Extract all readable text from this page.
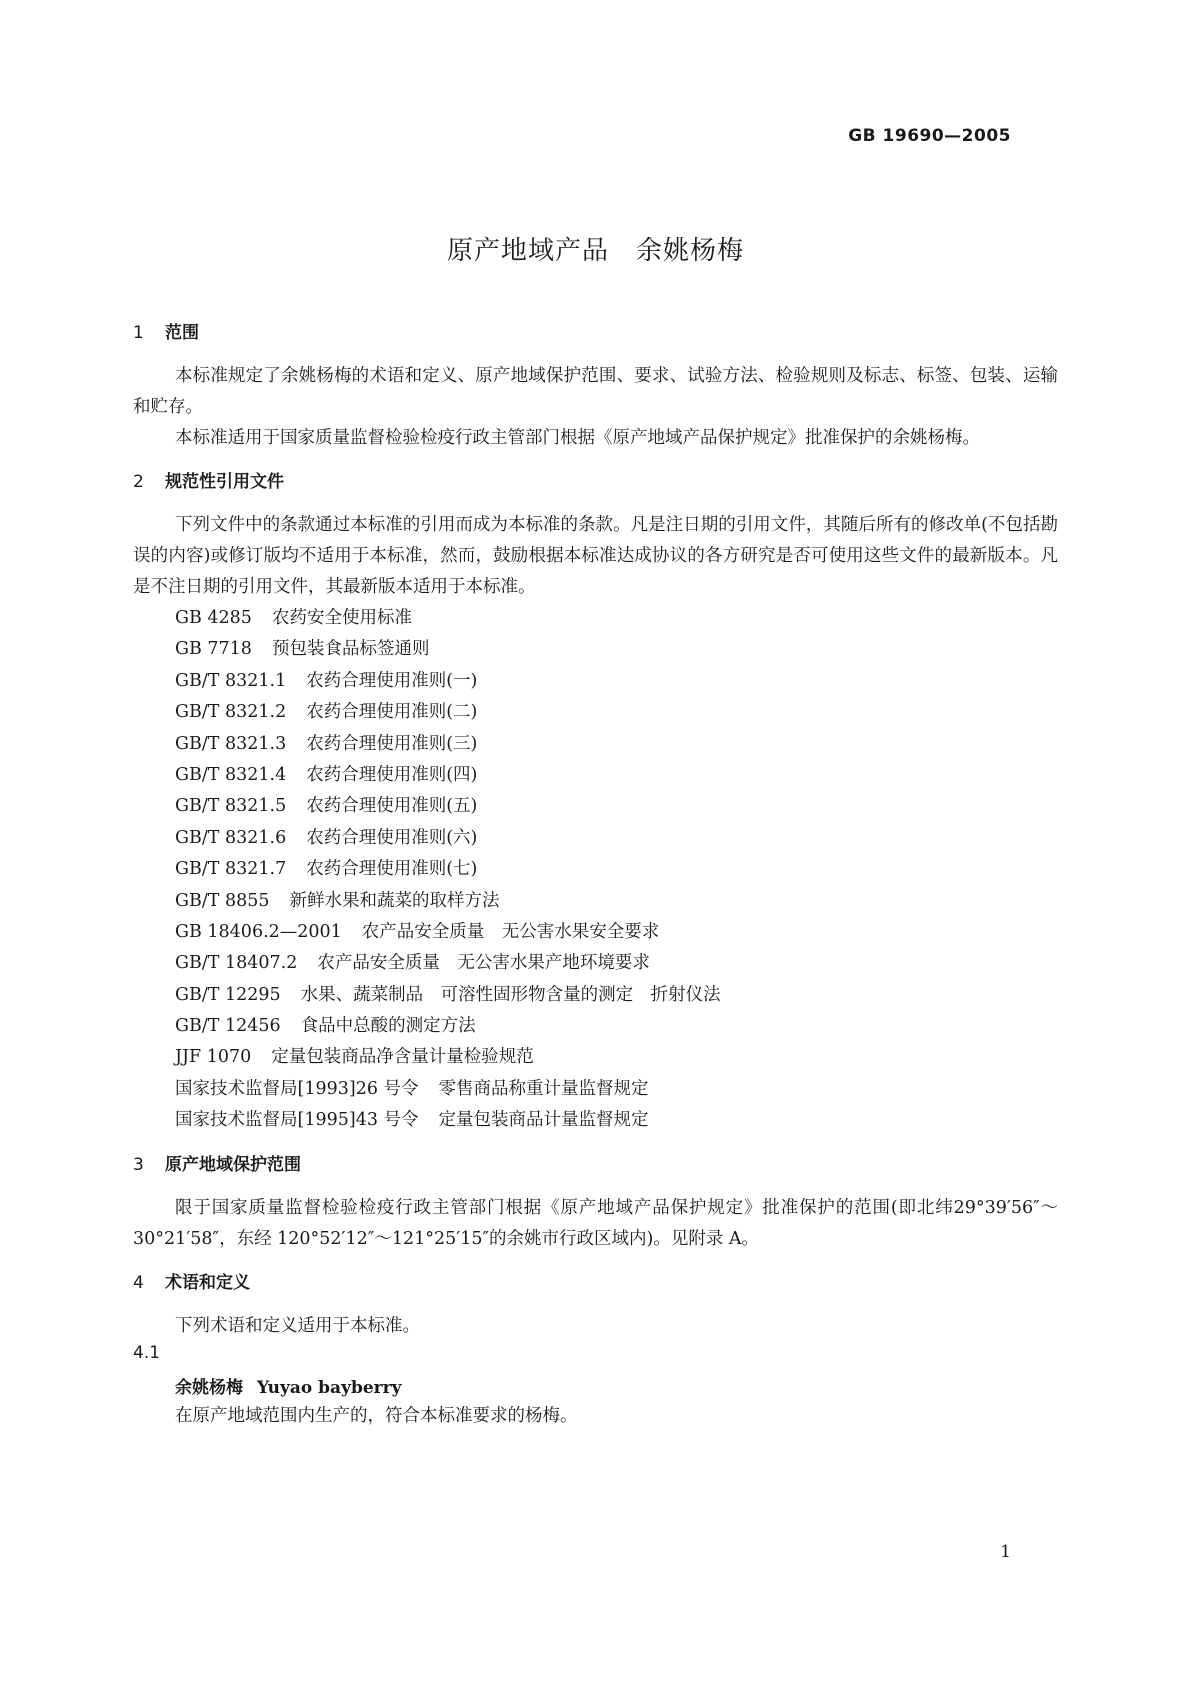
GB 19690—2005
原产地域产品　余姚杨梅
1	范围

本标准规定了余姚杨梅的术语和定义、原产地域保护范围、要求、试验方法、检验规则及标志、标签、包装、运输和贮存。

本标准适用于国家质量监督检验检疫行政主管部门根据《原产地域产品保护规定》批准保护的余姚杨梅。

2	规范性引用文件

下列文件中的条款通过本标准的引用而成为本标准的条款。凡是注日期的引用文件，其随后所有的修改单(不包括勘误的内容)或修订版均不适用于本标准，然而，鼓励根据本标准达成协议的各方研究是否可使用这些文件的最新版本。凡是不注日期的引用文件，其最新版本适用于本标准。

GB 4285 农药安全使用标准
GB 7718 预包装食品标签通则
GB/T 8321.1 农药合理使用准则(一)
GB/T 8321.2 农药合理使用准则(二)
GB/T 8321.3 农药合理使用准则(三)
GB/T 8321.4 农药合理使用准则(四)
GB/T 8321.5 农药合理使用准则(五)
GB/T 8321.6 农药合理使用准则(六)
GB/T 8321.7 农药合理使用准则(七)
GB/T 8855 新鲜水果和蔬菜的取样方法
GB 18406.2—2001 农产品安全质量　无公害水果安全要求
GB/T 18407.2 农产品安全质量　无公害水果产地环境要求
GB/T 12295 水果、蔬菜制品　可溶性固形物含量的测定　折射仪法
GB/T 12456 食品中总酸的测定方法
JJF 1070 定量包装商品净含量计量检验规范
国家技术监督局[1993]26 号令 零售商品称重计量监督规定
国家技术监督局[1995]43 号令 定量包装商品计量监督规定
3	原产地域保护范围

限于国家质量监督检验检疫行政主管部门根据《原产地域产品保护规定》批准保护的范围(即北纬29°39′56″～30°21′58″，东经 120°52′12″～121°25′15″的余姚市行政区域内)。见附录 A。

4	术语和定义

下列术语和定义适用于本标准。

4.1
余姚杨梅 Yuyao bayberry
在原产地域范围内生产的，符合本标准要求的杨梅。
1
